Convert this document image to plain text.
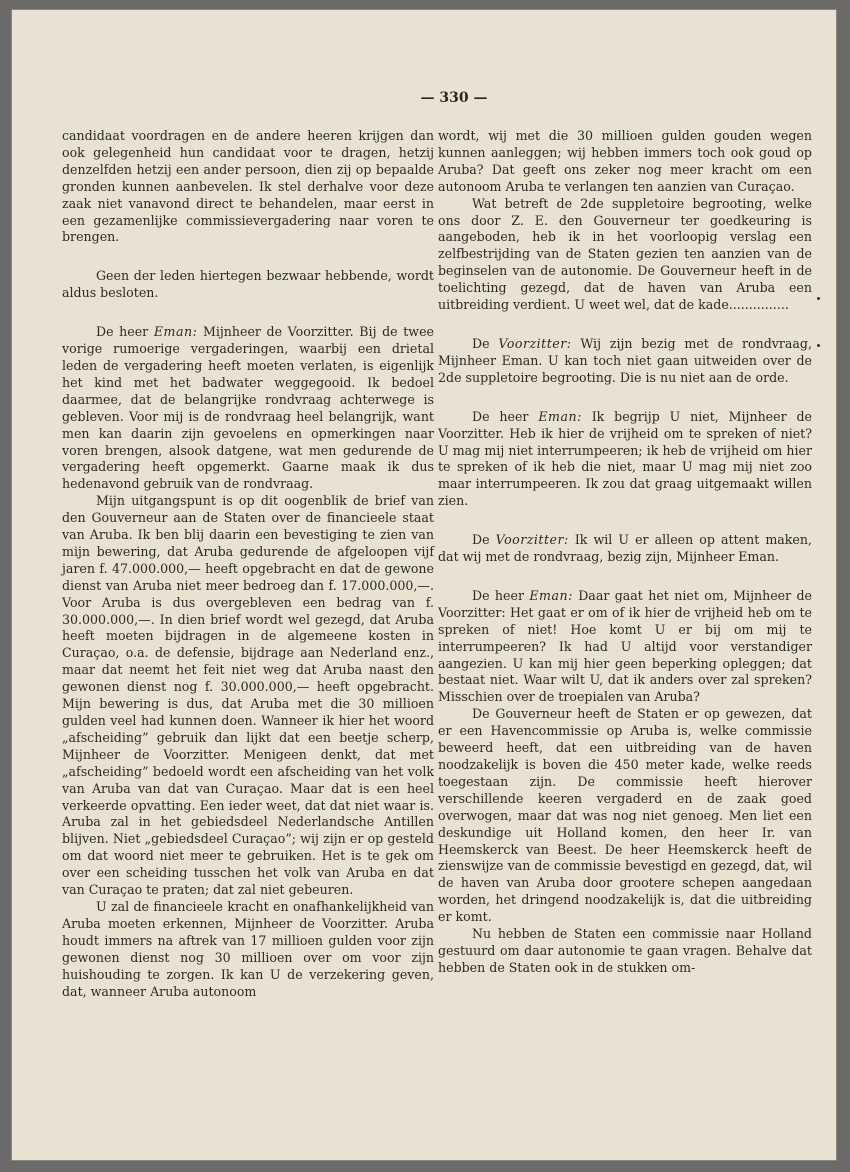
— 330 —

candidaat voordragen en de andere heeren krijgen dan ook gelegenheid hun candidaat voor te dragen, hetzij denzelfden hetzij een ander persoon, dien zij op bepaalde gronden kunnen aanbevelen. Ik stel derhalve voor deze zaak niet vanavond direct te behandelen, maar eerst in een gezamenlijke commissievergadering naar voren te brengen.

Geen der leden hiertegen bezwaar hebbende, wordt aldus besloten.

De heer Eman: Mijnheer de Voorzitter. Bij de twee vorige rumoerige vergaderingen, waarbij een drietal leden de vergadering heeft moeten verlaten, is eigenlijk het kind met het badwater weggegooid. Ik bedoel daarmee, dat de belangrijke rondvraag achterwege is gebleven. Voor mij is de rondvraag heel belangrijk, want men kan daarin zijn gevoelens en opmerkingen naar voren brengen, alsook datgene, wat men gedurende de vergadering heeft opgemerkt. Gaarne maak ik dus hedenavond gebruik van de rondvraag.

Mijn uitgangspunt is op dit oogenblik de brief van den Gouverneur aan de Staten over de financieele staat van Aruba. Ik ben blij daarin een bevestiging te zien van mijn bewering, dat Aruba gedurende de afgeloopen vijf jaren f. 47.000.000,— heeft opgebracht en dat de gewone dienst van Aruba niet meer bedroeg dan f. 17.000.000,—. Voor Aruba is dus overgebleven een bedrag van f. 30.000.000,—. In dien brief wordt wel gezegd, dat Aruba heeft moeten bijdragen in de algemeene kosten in Curaçao, o.a. de defensie, bijdrage aan Nederland enz., maar dat neemt het feit niet weg dat Aruba naast den gewonen dienst nog f. 30.000.000,— heeft opgebracht. Mijn bewering is dus, dat Aruba met die 30 millioen gulden veel had kunnen doen. Wanneer ik hier het woord „afscheiding” gebruik dan lijkt dat een beetje scherp, Mijnheer de Voorzitter. Menigeen denkt, dat met „afscheiding” bedoeld wordt een afscheiding van het volk van Aruba van dat van Curaçao. Maar dat is een heel verkeerde opvatting. Een ieder weet, dat dat niet waar is. Aruba zal in het gebiedsdeel Nederlandsche Antillen blijven. Niet „gebiedsdeel Curaçao”; wij zijn er op gesteld om dat woord niet meer te gebruiken. Het is te gek om over een scheiding tusschen het volk van Aruba en dat van Curaçao te praten; dat zal niet gebeuren.

U zal de financieele kracht en onafhankelijkheid van Aruba moeten erkennen, Mijnheer de Voorzitter. Aruba houdt immers na aftrek van 17 millioen gulden voor zijn gewonen dienst nog 30 millioen over om voor zijn huishouding te zorgen. Ik kan U de verzekering geven, dat, wanneer Aruba autonoom

wordt, wij met die 30 millioen gulden gouden wegen kunnen aanleggen; wij hebben immers toch ook goud op Aruba? Dat geeft ons zeker nog meer kracht om een autonoom Aruba te verlangen ten aanzien van Curaçao.

Wat betreft de 2de suppletoire begrooting, welke ons door Z. E. den Gouverneur ter goedkeuring is aangeboden, heb ik in het voorloopig verslag een zelfbestrijding van de Staten gezien ten aanzien van de beginselen van de autonomie. De Gouverneur heeft in de toelichting gezegd, dat de haven van Aruba een uitbreiding verdient. U weet wel, dat de kade...............

De Voorzitter: Wij zijn bezig met de rondvraag, Mijnheer Eman. U kan toch niet gaan uitweiden over de 2de suppletoire begrooting. Die is nu niet aan de orde.

De heer Eman: Ik begrijp U niet, Mijnheer de Voorzitter. Heb ik hier de vrijheid om te spreken of niet? U mag mij niet interrumpeeren; ik heb de vrijheid om hier te spreken of ik heb die niet, maar U mag mij niet zoo maar interrumpeeren. Ik zou dat graag uitgemaakt willen zien.

De Voorzitter: Ik wil U er alleen op attent maken, dat wij met de rondvraag, bezig zijn, Mijnheer Eman.

De heer Eman: Daar gaat het niet om, Mijnheer de Voorzitter: Het gaat er om of ik hier de vrijheid heb om te spreken of niet! Hoe komt U er bij om mij te interrumpeeren? Ik had U altijd voor verstandiger aangezien. U kan mij hier geen beperking opleggen; dat bestaat niet. Waar wilt U, dat ik anders over zal spreken? Misschien over de troepialen van Aruba?

De Gouverneur heeft de Staten er op gewezen, dat er een Havencommissie op Aruba is, welke commissie beweerd heeft, dat een uitbreiding van de haven noodzakelijk is boven die 450 meter kade, welke reeds toegestaan zijn. De commissie heeft hierover verschillende keeren vergaderd en de zaak goed overwogen, maar dat was nog niet genoeg. Men liet een deskundige uit Holland komen, den heer Ir. van Heemskerck van Beest. De heer Heemskerck heeft de zienswijze van de commissie bevestigd en gezegd, dat, wil de haven van Aruba door grootere schepen aangedaan worden, het dringend noodzakelijk is, dat die uitbreiding er komt.

Nu hebben de Staten een commissie naar Holland gestuurd om daar autonomie te gaan vragen. Behalve dat hebben de Staten ook in de stukken om-
